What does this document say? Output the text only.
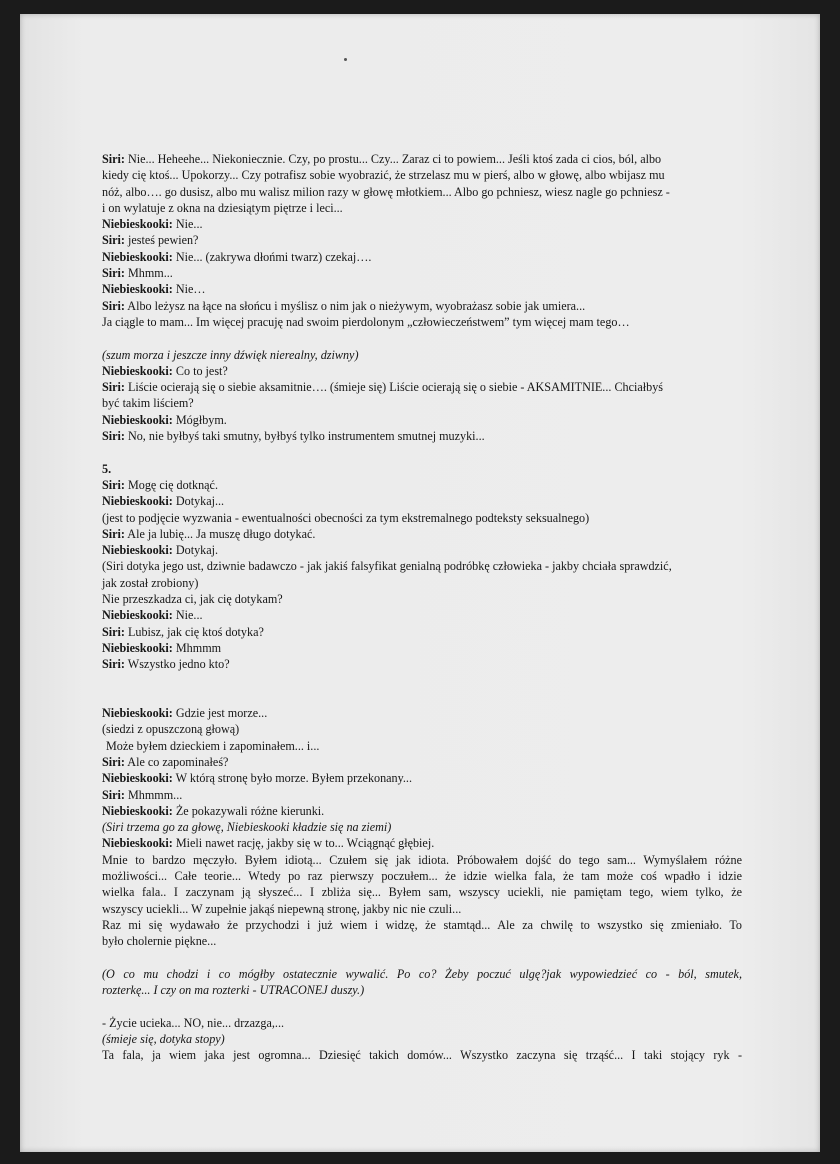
Siri: Nie... Heheehe... Niekoniecznie. Czy, po prostu... Czy... Zaraz ci to powiem... Jeśli ktoś zada ci cios, ból, albo
kiedy cię ktoś... Upokorzy... Czy potrafisz sobie wyobrazić, że strzelasz mu w pierś, albo w głowę, albo wbijasz mu
nóż, albo…. go dusisz, albo mu walisz milion razy w głowę młotkiem... Albo go pchniesz, wiesz nagle go pchniesz -
i on wylatuje z okna na dziesiątym piętrze i leci...
Niebieskooki: Nie...
Siri: jesteś pewien?
Niebieskooki: Nie... (zakrywa dłońmi twarz) czekaj….
Siri: Mhmm...
Niebieskooki: Nie…
Siri: Albo leżysz na łące na słońcu i myślisz o nim jak o nieżywym, wyobrażasz sobie jak umiera...
Ja ciągle to mam... Im więcej pracuję nad swoim pierdolonym „człowieczeństwem” tym więcej mam tego…
(szum morza i jeszcze inny dźwięk nierealny, dziwny)
Niebieskooki: Co to jest?
Siri: Liście ocierają się o siebie aksamitnie…. (śmieje się) Liście ocierają się o siebie - AKSAMITNIE... Chciałbyś
być takim liściem?
Niebieskooki: Mógłbym.
Siri: No, nie byłbyś taki smutny, byłbyś tylko instrumentem smutnej muzyki...
5.
Siri: Mogę cię dotknąć.
Niebieskooki: Dotykaj...
(jest to podjęcie wyzwania - ewentualności obecności za tym ekstremalnego podteksty seksualnego)
Siri: Ale ja lubię... Ja muszę długo dotykać.
Niebieskooki: Dotykaj.
(Siri dotyka jego ust, dziwnie badawczo - jak jakiś falsyfikat genialną podróbkę człowieka - jakby chciała sprawdzić,
jak został zrobiony)
Nie przeszkadza ci, jak cię dotykam?
Niebieskooki: Nie...
Siri: Lubisz, jak cię ktoś dotyka?
Niebieskooki: Mhmmm
Siri: Wszystko jedno kto?
Niebieskooki: Gdzie jest morze...
(siedzi z opuszczoną głową)
Może byłem dzieckiem i zapominałem... i...
Siri: Ale co zapominałeś?
Niebieskooki: W którą stronę było morze. Byłem przekonany...
Siri: Mhmmm...
Niebieskooki: Że pokazywali różne kierunki.
(Siri trzema go za głowę, Niebieskooki kładzie się na ziemi)
Niebieskooki: Mieli nawet rację, jakby się w to... Wciągnąć głębiej.
Mnie to bardzo męczyło. Byłem idiotą... Czułem się jak idiota. Próbowałem dojść do tego sam... Wymyślałem różne
możliwości... Całe teorie... Wtedy po raz pierwszy poczułem... że idzie wielka fala, że tam może coś wpadło i idzie
wielka fala.. I zaczynam ją słyszeć... I zbliża się... Byłem sam, wszyscy uciekli, nie pamiętam tego, wiem tylko, że
wszyscy uciekli... W zupełnie jakąś niepewną stronę, jakby nic nie czuli...
Raz mi się wydawało że przychodzi i już wiem i widzę, że stamtąd... Ale za chwilę to wszystko się zmieniało. To
było cholernie piękne...
(O co mu chodzi i co mógłby ostatecznie wywalić. Po co? Żeby poczuć ulgę?jak wypowiedzieć co - ból, smutek,
rozterkę... I czy on ma rozterki - UTRACONEJ duszy.)
- Życie ucieka... NO, nie... drzazga,...
(śmieje się, dotyka stopy)
Ta fala, ja wiem jaka jest ogromna... Dziesięć takich domów... Wszystko zaczyna się trząść... I taki stojący ryk -
